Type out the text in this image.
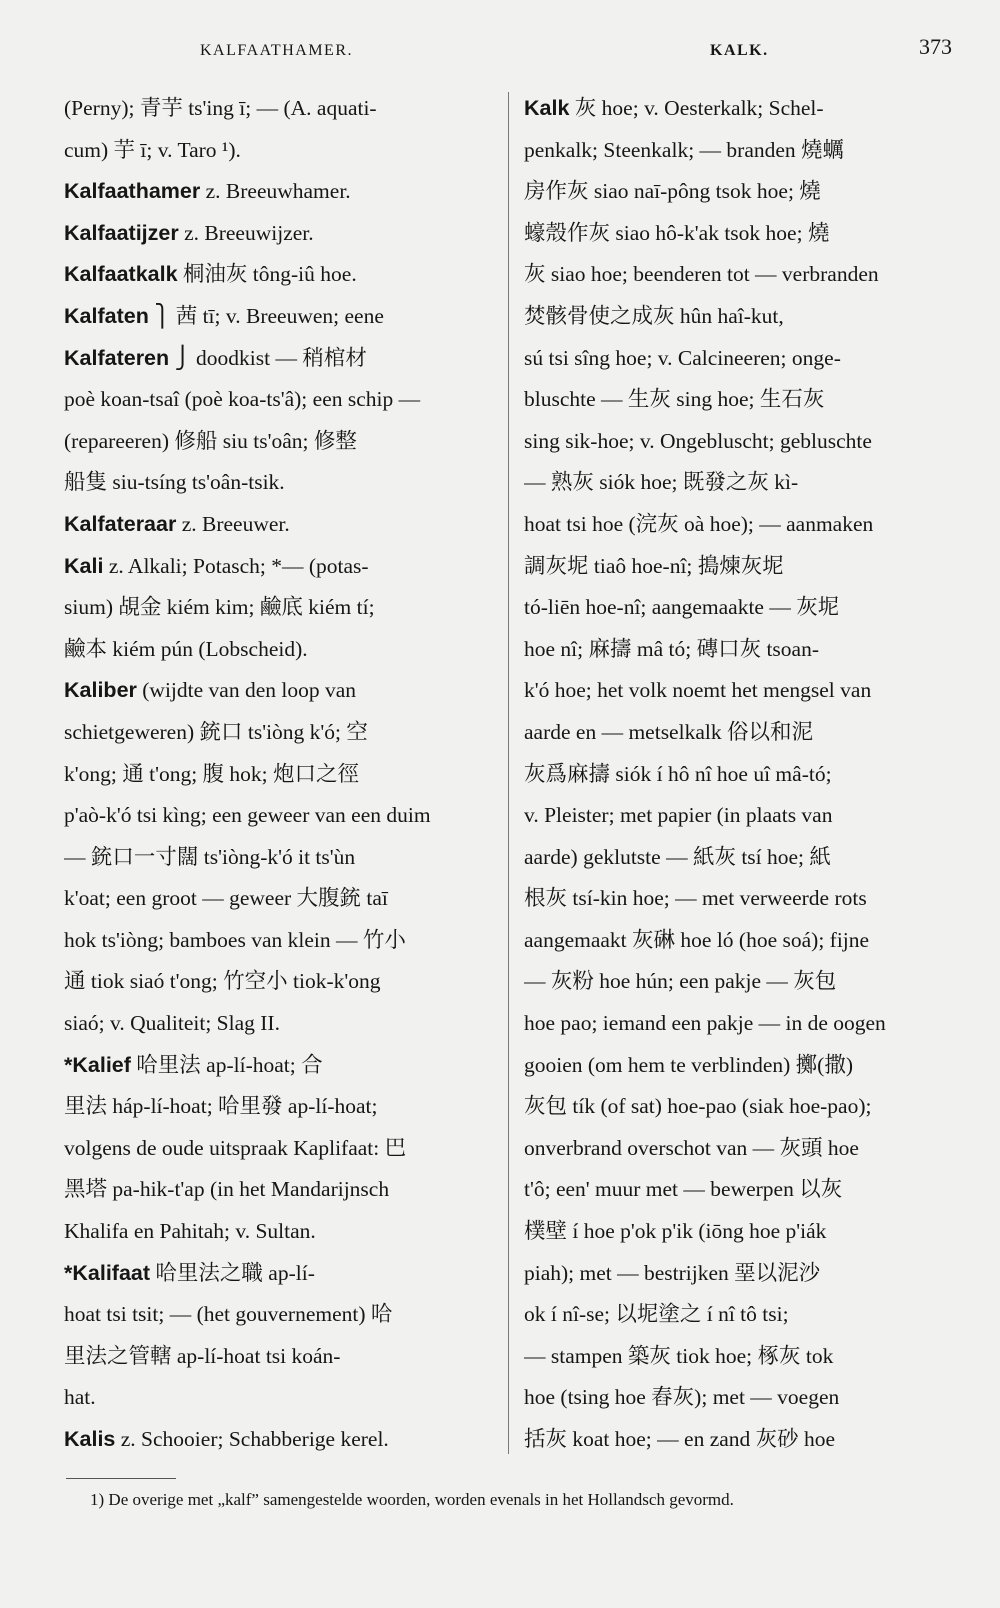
KALFAATHAMER.	KALK.	373
(Perny); 青芋 ts'ing ī; — (A. aquati-
cum) 芋 ī; v. Taro ¹).
Kalfaathamer z. Breeuwhamer.
Kalfaatijzer z. Breeuwijzer.
Kalfaatkalk 桐油灰 tông-iû hoe.
Kalfaten ⎫ 茜 tī; v. Breeuwen; eene
Kalfateren ⎭ doodkist — 稍棺材
poè koan-tsaî (poè koa-ts'â); een schip —
(repareeren) 修船 siu ts'oân; 修整
船隻 siu-tsíng ts'oân-tsik.
Kalfateraar z. Breeuwer.
Kali z. Alkali; Potasch; *— (potas-
sium) 覘金 kiém kim; 鹼底 kiém tí;
鹼本 kiém pún (Lobscheid).
Kaliber (wijdte van den loop van
schietgeweren) 銃口 ts'iòng k'ó; 空
k'ong; 通 t'ong; 腹 hok; 炮口之徑
p'aò-k'ó tsi kìng; een geweer van een duim
— 銃口一寸闊 ts'iòng-k'ó it ts'ùn
k'oat; een groot — geweer 大腹銃 taī
hok ts'iòng; bamboes van klein — 竹小
通 tiok siaó t'ong; 竹空小 tiok-k'ong
siaó; v. Qualiteit; Slag II.
*Kalief 哈里法 ap-lí-hoat; 合
里法 háp-lí-hoat; 哈里發 ap-lí-hoat;
volgens de oude uitspraak Kaplifaat: 巴
黑塔 pa-hik-t'ap (in het Mandarijnsch
Khalifa en Pahitah; v. Sultan.
*Kalifaat 哈里法之職 ap-lí-
hoat tsi tsit; — (het gouvernement) 哈
里法之管轄 ap-lí-hoat tsi koán-
hat.
Kalis z. Schooier; Schabberige kerel.
Kalk 灰 hoe; v. Oesterkalk; Schel-
penkalk; Steenkalk; — branden 燒蠣
房作灰 siao naī-pông tsok hoe; 燒
蠔殼作灰 siao hô-k'ak tsok hoe; 燒
灰 siao hoe; beenderen tot — verbranden
焚骸骨使之成灰 hûn haî-kut,
sú tsi sîng hoe; v. Calcineeren; onge-
bluschte — 生灰 sing hoe; 生石灰
sing sik-hoe; v. Ongebluscht; gebluschte
— 熟灰 siók hoe; 既發之灰 kì-
hoat tsi hoe (浣灰 oà hoe); — aanmaken
調灰坭 tiaô hoe-nî; 搗煉灰坭
tó-liēn hoe-nî; aangemaakte — 灰坭
hoe nî; 麻擣 mâ tó; 磚口灰 tsoan-
k'ó hoe; het volk noemt het mengsel van
aarde en — metselkalk 俗以和泥
灰爲麻擣 siók í hô nî hoe uî mâ-tó;
v. Pleister; met papier (in plaats van
aarde) geklutste — 紙灰 tsí hoe; 紙
根灰 tsí-kin hoe; — met verweerde rots
aangemaakt 灰碄 hoe ló (hoe soá); fijne
— 灰粉 hoe hún; een pakje — 灰包
hoe pao; iemand een pakje — in de oogen
gooien (om hem te verblinden) 擲(撒)
灰包 tík (of sat) hoe-pao (siak hoe-pao);
onverbrand overschot van — 灰頭 hoe
t'ô; een' muur met — bewerpen 以灰
樸壁 í hoe p'ok p'ik (iōng hoe p'iák
piah); met — bestrijken 堊以泥沙
ok í nî-se; 以坭塗之 í nî tô tsi;
— stampen 築灰 tiok hoe; 椓灰 tok
hoe (tsing hoe 舂灰); met — voegen
括灰 koat hoe; — en zand 灰砂 hoe
1) De overige met „kalf” samengestelde woorden, worden evenals in het Hollandsch gevormd.
